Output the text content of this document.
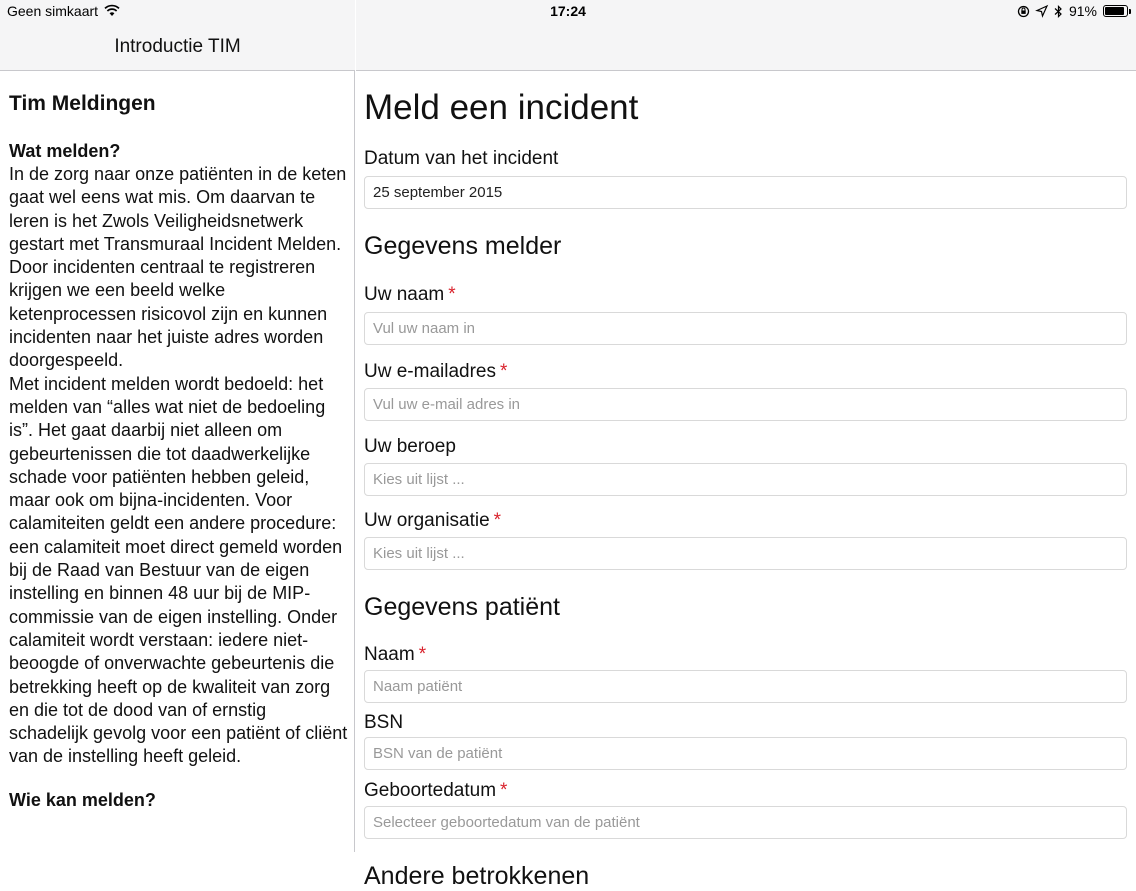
Geen simkaart	17:24	91%
Introductie TIM
Tim Meldingen
Wat melden?

In de zorg naar onze patiënten in de keten gaat wel eens wat mis. Om daarvan te leren is het Zwols Veiligheidsnetwerk gestart met Transmuraal Incident Melden. Door incidenten centraal te registreren krijgen we een beeld welke ketenprocessen risicovol zijn en kunnen incidenten naar het juiste adres worden doorgespeeld.

Met incident melden wordt bedoeld: het melden van “alles wat niet de bedoeling is”. Het gaat daarbij niet alleen om gebeurtenissen die tot daadwerkelijke schade voor patiënten hebben geleid, maar ook om bijna-incidenten. Voor calamiteiten geldt een andere procedure: een calamiteit moet direct gemeld worden bij de Raad van Bestuur van de eigen instelling en binnen 48 uur bij de MIP-commissie van de eigen instelling. Onder calamiteit wordt verstaan: iedere niet-beoogde of onverwachte gebeurtenis die betrekking heeft op de kwaliteit van zorg en die tot de dood van of ernstig schadelijk gevolg voor een patiënt of cliënt van de instelling heeft geleid.

Wie kan melden?
Meld een incident
Datum van het incident
25 september 2015
Gegevens melder
Uw naam *
Vul uw naam in
Uw e-mailadres *
Vul uw e-mail adres in
Uw beroep
Kies uit lijst ...
Uw organisatie *
Kies uit lijst ...
Gegevens patiënt
Naam *
Naam patiënt
BSN
BSN van de patiënt
Geboortedatum *
Selecteer geboortedatum van de patiënt
Andere betrokkenen
